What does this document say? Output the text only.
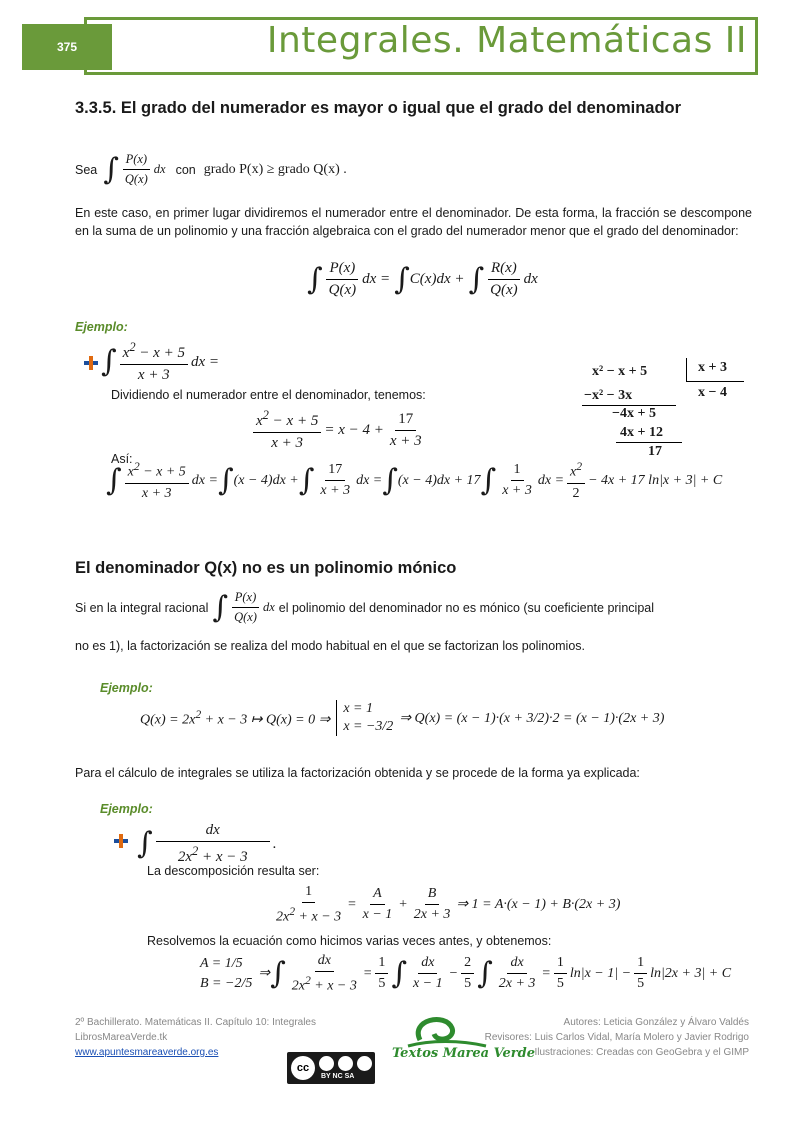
375	Integrales. Matemáticas II
3.3.5. El grado del numerador es mayor o igual que el grado del denominador
Sea ∫ $\frac{P(x)}{Q(x)}$ dx con grado P(x) ≥ grado Q(x) .

En este caso, en primer lugar dividiremos el numerador entre el denominador. De esta forma, la fracción se descompone en la suma de un polinomio y una fracción algebraica con el grado del numerador menor que el grado del denominador:

∫ $\frac{P(x)}{Q(x)}$ dx = ∫ C(x)dx + ∫ $\frac{R(x)}{Q(x)}$ dx
Ejemplo:
∫ $\frac{x^2 - x + 5}{x + 3}$ dx =

Dividiendo el numerador entre el denominador, tenemos:

$\frac{x^2 - x + 5}{x + 3} = x - 4 + \frac{17}{x + 3}$
x² − x + 5	x + 3
x − 4
−x² − 3x
−4x + 5
4x + 12
17
Así:
∫ $\frac{x^2 - x + 5}{x + 3}$ dx = ∫ (x − 4)dx + ∫ $\frac{17}{x + 3}$ dx = ∫ (x − 4)dx + 17 ∫ $\frac{1}{x + 3}$ dx = $\frac{x^2}{2} - 4x + 17$ ln|x + 3| + C
El denominador Q(x) no es un polinomio mónico
Si en la integral racional ∫ $\frac{P(x)}{Q(x)}$ dx el polinomio del denominador no es mónico (su coeficiente principal

no es 1), la factorización se realiza del modo habitual en el que se factorizan los polinomios.

Ejemplo:
$Q(x) = 2x^2 + x - 3$ ↦ Q(x) = 0 ⇒
x = 1
x = −3/2
⇒ Q(x) = (x − 1)·(x + 3/2)·2 = (x − 1)·(2x + 3)

Para el cálculo de integrales se utiliza la factorización obtenida y se procede de la forma ya explicada:

Ejemplo:
∫ $\frac{dx}{2x^2 + x - 3}$ .
La descomposición resulta ser:
$\frac{1}{2x^2 + x - 3} = \frac{A}{x - 1} + \frac{B}{2x + 3}$ ⇒ 1 = A·(x − 1) + B·(2x + 3)
Resolvemos la ecuación como hicimos varias veces antes, y obtenemos:
A = 1/5
B = −2/5
⇒ ∫ $\frac{dx}{2x^2 + x - 3} = \frac{1}{5}$ ∫ $\frac{dx}{x - 1} - \frac{2}{5}$ ∫ $\frac{dx}{2x + 3} = \frac{1}{5} \ln|x - 1| - \frac{1}{5} \ln|2x + 3| + C$
2º Bachillerato. Matemáticas II. Capítulo 10: Integrales
LibrosMareaVerde.tk
www.apuntesmareaverde.org.es	Textos Marea Verde
cc
BY NC SA
Autores: Leticia González y Álvaro Valdés
Revisores: Luis Carlos Vidal, María Molero y Javier Rodrigo
Ilustraciones: Creadas con GeoGebra y el GIMP
